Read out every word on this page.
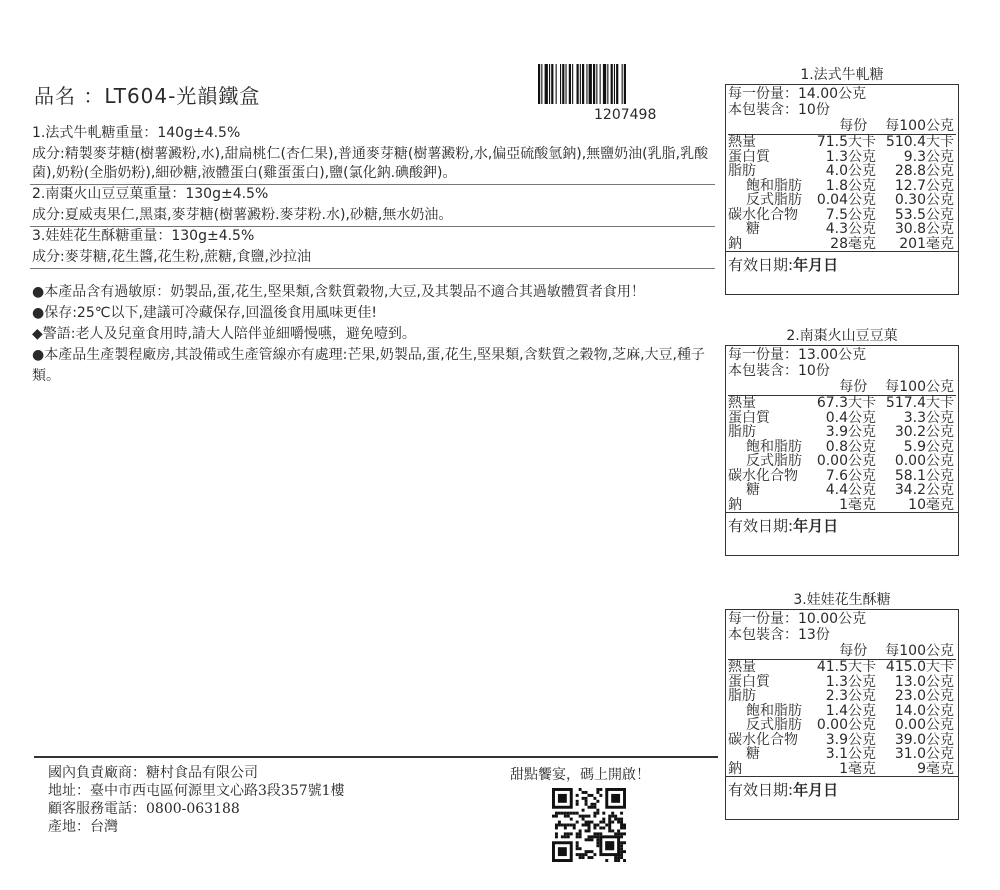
品名 ：LT604-光韻鐵盒
1207498
1.法式牛軋糖重量：140g±4.5%
成分:精製麥芽糖(樹薯澱粉,水),甜扁桃仁(杏仁果),普通麥芽糖(樹薯澱粉,水,偏亞硫酸氫鈉),無鹽奶油(乳脂,乳酸菌),奶粉(全脂奶粉),細砂糖,液體蛋白(雞蛋蛋白),鹽(氯化鈉.碘酸鉀)。
2.南棗火山豆豆菓重量：130g±4.5%
成分:夏威夷果仁,黑棗,麥芽糖(樹薯澱粉.麥芽粉.水),砂糖,無水奶油。
3.娃娃花生酥糖重量：130g±4.5%
成分:麥芽糖,花生醬,花生粉,蔗糖,食鹽,沙拉油
●本產品含有過敏原：奶製品,蛋,花生,堅果類,含麩質穀物,大豆,及其製品不適合其過敏體質者食用！
●保存:25℃以下,建議可冷藏保存,回溫後食用風味更佳!
◆警語:老人及兒童食用時,請大人陪伴並細嚼慢嚥，避免噎到。
●本產品生產製程廠房,其設備或生產管線亦有處理:芒果,奶製品,蛋,花生,堅果類,含麩質之穀物,芝麻,大豆,種子類。
國內負責廠商：糖村食品有限公司
地址：臺中市西屯區何源里文心路3段357號1樓
顧客服務電話：0800-063188
產地：台灣
甜點饗宴，碼上開啟！
1.法式牛軋糖
每一份量：14.00公克
本包裝含：10份
每份 每100公克
熱量	71.5大卡 510.4大卡
蛋白質	1.3公克	9.3公克
脂肪	4.0公克	28.8公克
飽和脂肪	1.8公克	12.7公克
反式脂肪	0.04公克	0.30公克
碳水化合物	7.5公克	53.5公克
糖	4.3公克	30.8公克
鈉	28毫克	201毫克
有效日期:年月日
2.南棗火山豆豆菓
每一份量：13.00公克
本包裝含：10份
每份 每100公克
熱量	67.3大卡 517.4大卡
蛋白質	0.4公克	3.3公克
脂肪	3.9公克	30.2公克
飽和脂肪	0.8公克	5.9公克
反式脂肪	0.00公克	0.00公克
碳水化合物	7.6公克	58.1公克
糖	4.4公克	34.2公克
鈉	1毫克	10毫克
有效日期:年月日
3.娃娃花生酥糖
每一份量：10.00公克
本包裝含：13份
每份 每100公克
熱量	41.5大卡 415.0大卡
蛋白質	1.3公克	13.0公克
脂肪	2.3公克	23.0公克
飽和脂肪	1.4公克	14.0公克
反式脂肪	0.00公克	0.00公克
碳水化合物	3.9公克	39.0公克
糖	3.1公克	31.0公克
鈉	1毫克	9毫克
有效日期:年月日
